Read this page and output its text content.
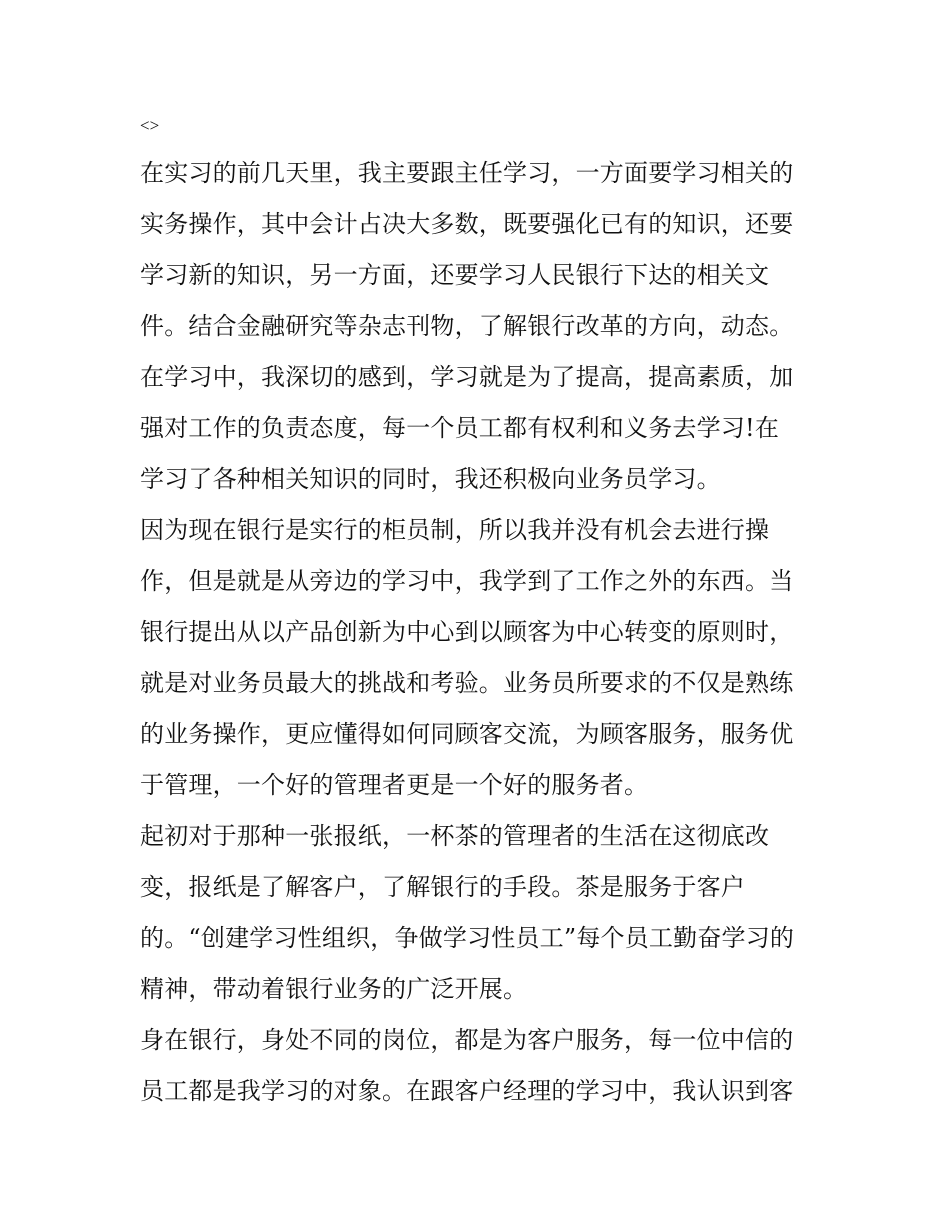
<>
在实习的前几天里，我主要跟主任学习，一方面要学习相关的
实务操作，其中会计占决大多数，既要强化已有的知识，还要
学习新的知识，另一方面，还要学习人民银行下达的相关文
件。结合金融研究等杂志刊物，了解银行改革的方向，动态。
在学习中，我深切的感到，学习就是为了提高，提高素质，加
强对工作的负责态度，每一个员工都有权利和义务去学习!在
学习了各种相关知识的同时，我还积极向业务员学习。
因为现在银行是实行的柜员制，所以我并没有机会去进行操
作，但是就是从旁边的学习中，我学到了工作之外的东西。当
银行提出从以产品创新为中心到以顾客为中心转变的原则时，
就是对业务员最大的挑战和考验。业务员所要求的不仅是熟练
的业务操作，更应懂得如何同顾客交流，为顾客服务，服务优
于管理，一个好的管理者更是一个好的服务者。
起初对于那种一张报纸，一杯茶的管理者的生活在这彻底改
变，报纸是了解客户，了解银行的手段。茶是服务于客户
的。“创建学习性组织，争做学习性员工”每个员工勤奋学习的
精神，带动着银行业务的广泛开展。
身在银行，身处不同的岗位，都是为客户服务，每一位中信的
员工都是我学习的对象。在跟客户经理的学习中，我认识到客
